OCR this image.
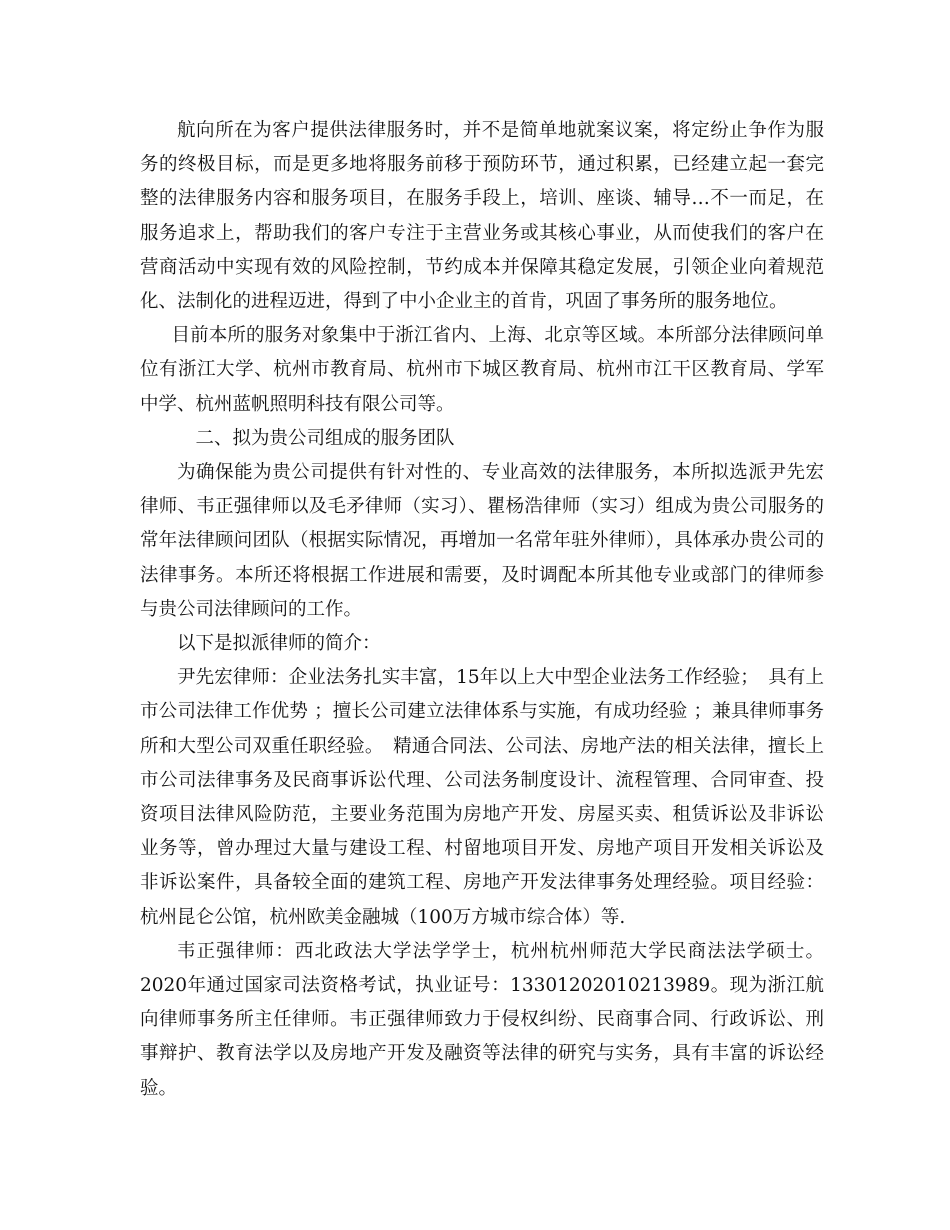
航向所在为客户提供法律服务时，并不是简单地就案议案，将定纷止争作为服务的终极目标，而是更多地将服务前移于预防环节，通过积累，已经建立起一套完整的法律服务内容和服务项目，在服务手段上，培训、座谈、辅导…不一而足，在服务追求上，帮助我们的客户专注于主营业务或其核心事业，从而使我们的客户在营商活动中实现有效的风险控制，节约成本并保障其稳定发展，引领企业向着规范化、法制化的进程迈进，得到了中小企业主的首肯，巩固了事务所的服务地位。

目前本所的服务对象集中于浙江省内、上海、北京等区域。本所部分法律顾问单位有浙江大学、杭州市教育局、杭州市下城区教育局、杭州市江干区教育局、学军中学、杭州蓝帆照明科技有限公司等。

二、拟为贵公司组成的服务团队

为确保能为贵公司提供有针对性的、专业高效的法律服务，本所拟选派尹先宏律师、韦正强律师以及毛矛律师（实习）、瞿杨浩律师（实习）组成为贵公司服务的常年法律顾问团队（根据实际情况，再增加一名常年驻外律师），具体承办贵公司的法律事务。本所还将根据工作进展和需要，及时调配本所其他专业或部门的律师参与贵公司法律顾问的工作。

以下是拟派律师的简介：

尹先宏律师：企业法务扎实丰富，15年以上大中型企业法务工作经验；　具有上市公司法律工作优势 ；擅长公司建立法律体系与实施，有成功经验 ；兼具律师事务所和大型公司双重任职经验。　精通合同法、公司法、房地产法的相关法律，擅长上市公司法律事务及民商事诉讼代理、公司法务制度设计、流程管理、合同审查、投资项目法律风险防范，主要业务范围为房地产开发、房屋买卖、租赁诉讼及非诉讼业务等，曾办理过大量与建设工程、村留地项目开发、房地产项目开发相关诉讼及非诉讼案件，具备较全面的建筑工程、房地产开发法律事务处理经验。项目经验：杭州昆仑公馆，杭州欧美金融城（100万方城市综合体）等.

韦正强律师：西北政法大学法学学士，杭州杭州师范大学民商法法学硕士。2020年通过国家司法资格考试，执业证号：13301202010213989。现为浙江航向律师事务所主任律师。韦正强律师致力于侵权纠纷、民商事合同、行政诉讼、刑事辩护、教育法学以及房地产开发及融资等法律的研究与实务，具有丰富的诉讼经验。
